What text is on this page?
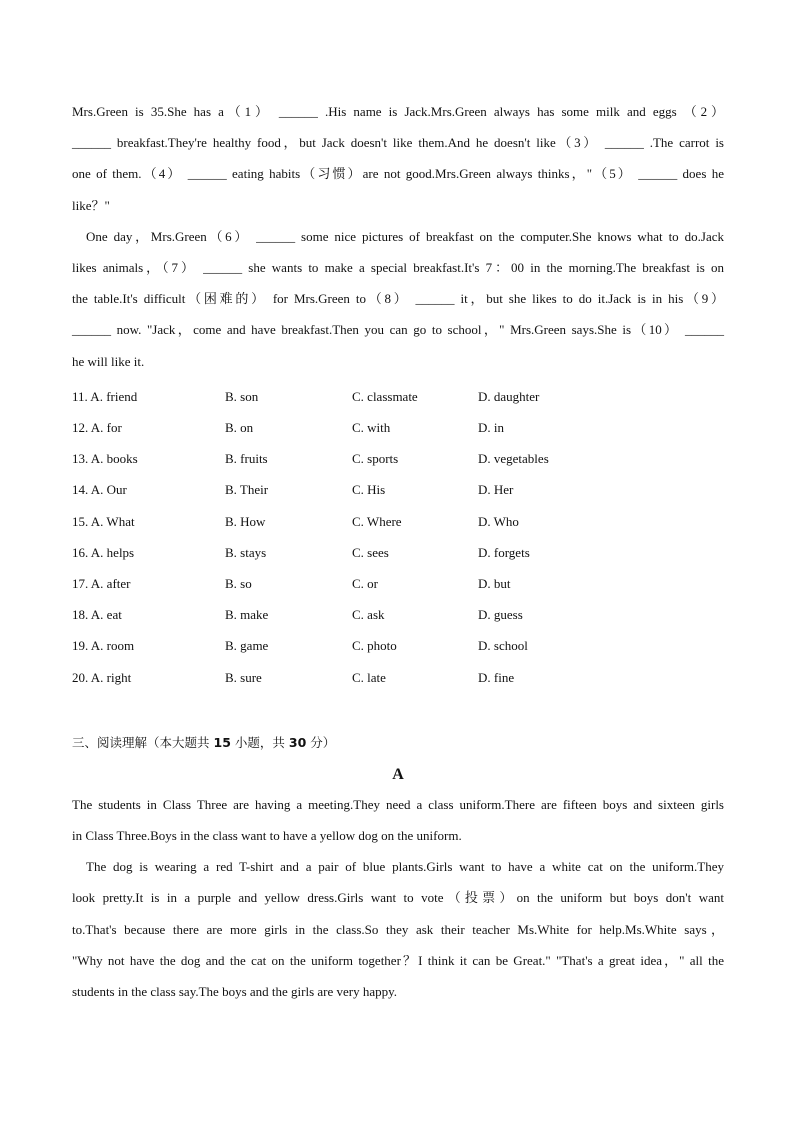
Mrs.Green is 35.She has a（1） ______ .His name is Jack.Mrs.Green always has some milk and eggs （2）

______ breakfast.They're healthy food，but Jack doesn't like them.And he doesn't like（3） ______ .The carrot is

one of them.（4） ______ eating habits（习惯）are not good.Mrs.Green always thinks，"（5） ______ does he

like？"

One day，Mrs.Green（6） ______ some nice pictures of breakfast on the computer.She knows what to do.Jack

likes animals，（7） ______ she wants to make a special breakfast.It's 7：00 in the morning.The breakfast is on

the table.It's difficult（困难的） for Mrs.Green to（8） ______ it，but she likes to do it.Jack is in his（9）

______ now. "Jack，come and have breakfast.Then you can go to school，" Mrs.Green says.She is（10） ______

he will like it.

11. A. friend	B. son	C. classmate	D. daughter
12. A. for	B. on	C. with	D. in
13. A. books	B. fruits	C. sports	D. vegetables
14. A. Our	B. Their	C. His	D. Her
15. A. What	B. How	C. Where	D. Who
16. A. helps	B. stays	C. sees	D. forgets
17. A. after	B. so	C. or	D. but
18. A. eat	B. make	C. ask	D. guess
19. A. room	B. game	C. photo	D. school
20. A. right	B. sure	C. late	D. fine
三、阅读理解（本大题共 15 小题，共 30 分）
A

The students in Class Three are having a meeting.They need a class uniform.There are fifteen boys and sixteen girls

in Class Three.Boys in the class want to have a yellow dog on the uniform.

The dog is wearing a red T-shirt and a pair of blue plants.Girls want to have a white cat on the uniform.They

look pretty.It is in a purple and yellow dress.Girls want to vote（投票）on the uniform but boys don't want

to.That's because there are more girls in the class.So they ask their teacher Ms.White for help.Ms.White says，

"Why not have the dog and the cat on the uniform together？I think it can be Great." "That's a great idea，" all the

students in the class say.The boys and the girls are very happy.
